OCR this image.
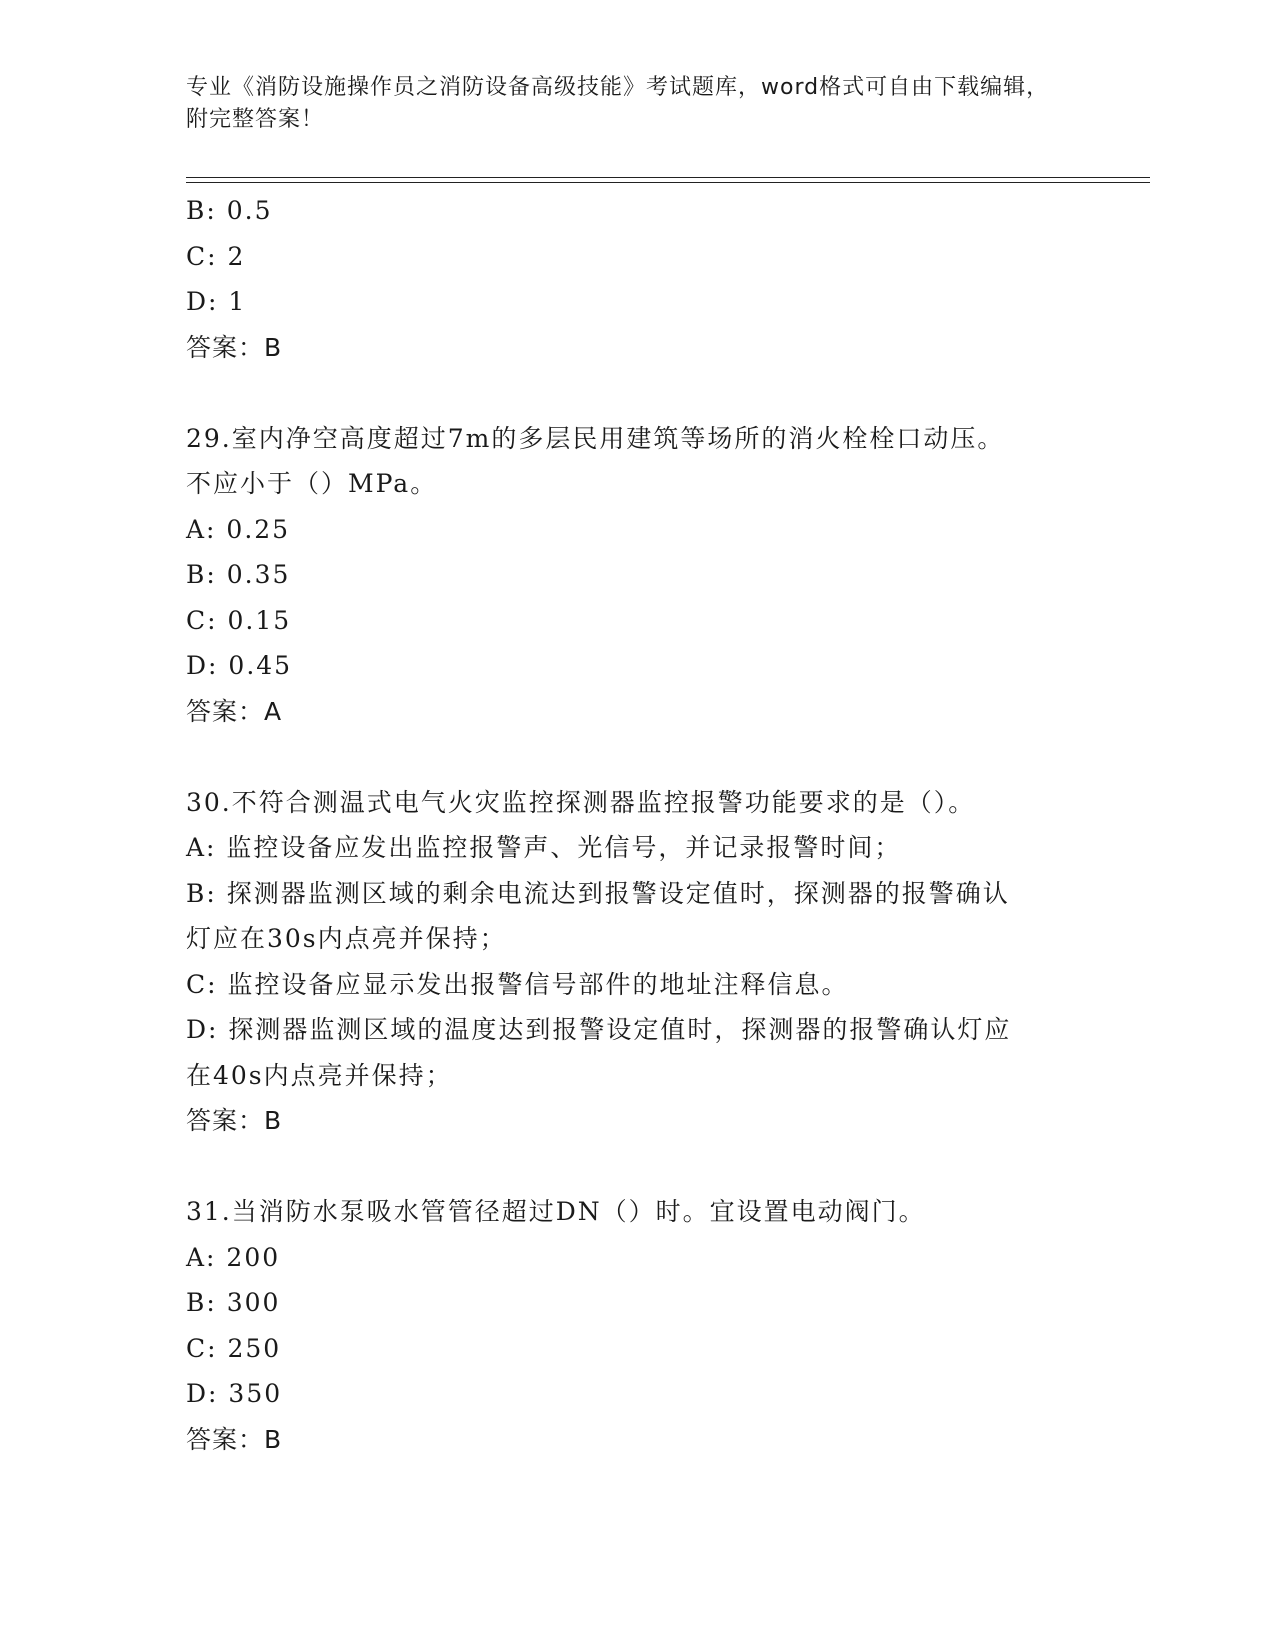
专业《消防设施操作员之消防设备高级技能》考试题库，word格式可自由下载编辑，附完整答案！
B: 0.5
C: 2
D: 1
答案：B
29.室内净空高度超过7m的多层民用建筑等场所的消火栓栓口动压。
不应小于（）MPa。
A: 0.25
B: 0.35
C: 0.15
D: 0.45
答案：A
30.不符合测温式电气火灾监控探测器监控报警功能要求的是（）。
A: 监控设备应发出监控报警声、光信号，并记录报警时间；
B: 探测器监测区域的剩余电流达到报警设定值时，探测器的报警确认
灯应在30s内点亮并保持；
C: 监控设备应显示发出报警信号部件的地址注释信息。
D: 探测器监测区域的温度达到报警设定值时，探测器的报警确认灯应
在40s内点亮并保持；
答案：B
31.当消防水泵吸水管管径超过DN（）时。宜设置电动阀门。
A: 200
B: 300
C: 250
D: 350
答案：B
